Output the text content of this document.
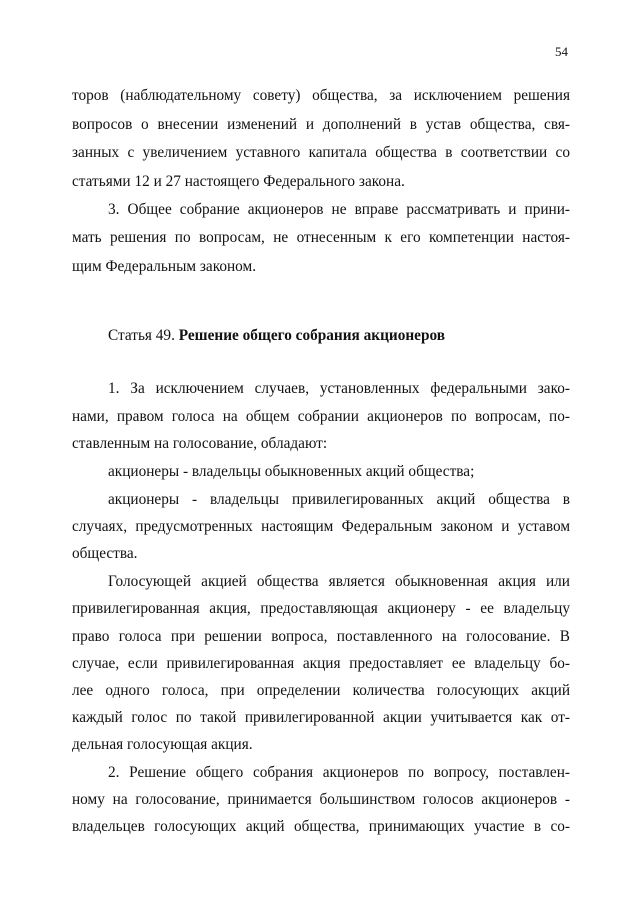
54
торов (наблюдательному совету) общества, за исключением решения
вопросов о внесении изменений и дополнений в устав общества, свя-
занных с увеличением уставного капитала общества в соответствии со
статьями 12 и 27 настоящего Федерального закона.
3. Общее собрание акционеров не вправе рассматривать и прини-
мать решения по вопросам, не отнесенным к его компетенции настоя-
щим Федеральным законом.
Статья 49. Решение общего собрания акционеров
1. За исключением случаев, установленных федеральными зако-
нами, правом голоса на общем собрании акционеров по вопросам, по-
ставленным на голосование, обладают:
акционеры - владельцы обыкновенных акций общества;
акционеры - владельцы привилегированных акций общества в
случаях, предусмотренных настоящим Федеральным законом и уставом
общества.
Голосующей акцией общества является обыкновенная акция или
привилегированная акция, предоставляющая акционеру - ее владельцу
право голоса при решении вопроса, поставленного на голосование. В
случае, если привилегированная акция предоставляет ее владельцу бо-
лее одного голоса, при определении количества голосующих акций
каждый голос по такой привилегированной акции учитывается как от-
дельная голосующая акция.
2. Решение общего собрания акционеров по вопросу, поставлен-
ному на голосование, принимается большинством голосов акционеров -
владельцев голосующих акций общества, принимающих участие в со-
